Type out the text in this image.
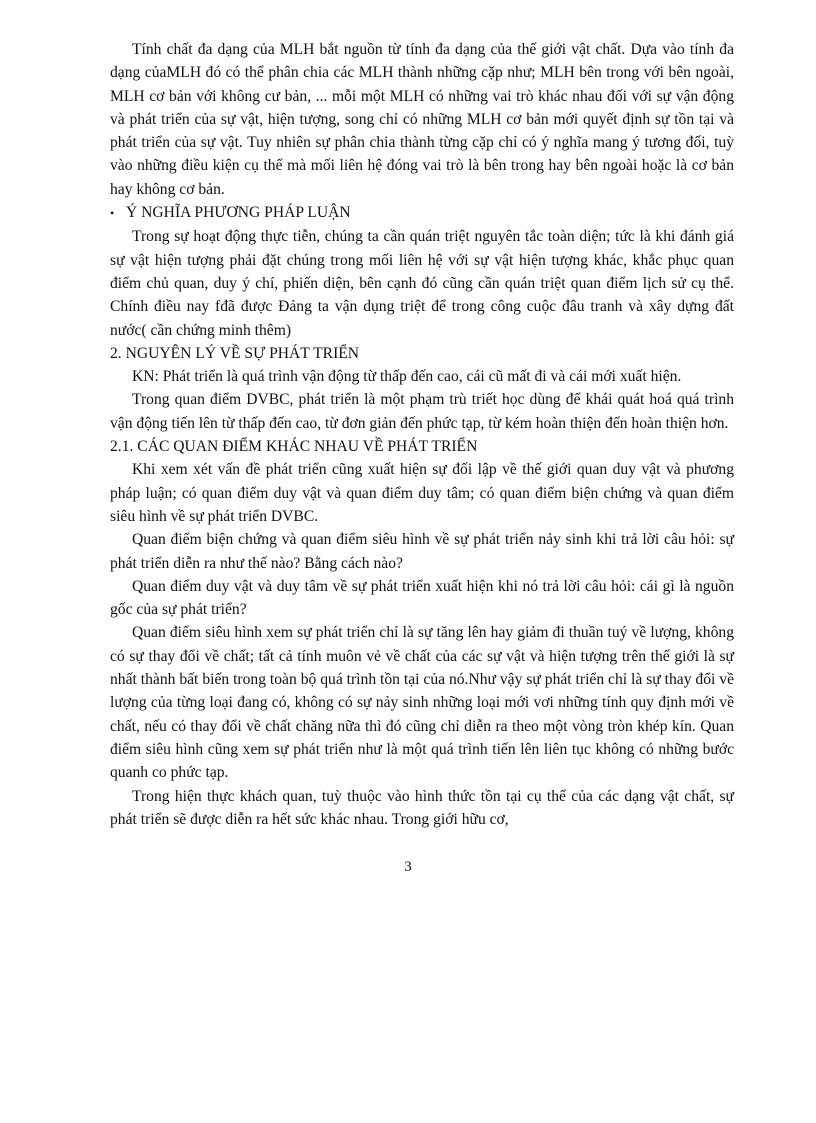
Tính chất đa dạng của MLH bắt nguồn từ tính đa dạng của thế giới vật chất. Dựa vào tính đa dạng củaMLH đó có thể phân chia các MLH thành những cặp như; MLH bên trong với bên ngoài, MLH cơ bản với không cư bản, ... mỗi một MLH có những vai trò khác nhau đối với sự vận động và phát triển của sự vật, hiện tượng, song chỉ có những MLH cơ bản mới quyết định sự tồn tại và phát triển của sự vật. Tuy nhiên sự phân chia thành từng cặp chỉ có ý nghĩa mang ý tương đối, tuỳ vào những điều kiện cụ thể mà mối liên hệ đóng vai trò là bên trong hay bên ngoài hoặc là cơ bản hay không cơ bản.

• Ý NGHĨA PHƯƠNG PHÁP LUẬN

Trong sự hoạt động thực tiễn, chúng ta cần quán triệt nguyên tắc toàn diện; tức là khi đánh giá sự vật hiện tượng phải đặt chúng trong mối liên hệ với sự vật hiện tượng khác, khắc phục quan điểm chủ quan, duy ý chí, phiến diện, bên cạnh đó cũng cần quán triệt quan điểm lịch sử cụ thể. Chính điều nay fđã được Đảng ta vận dụng triệt để trong công cuộc đâu tranh và xây dựng đất nước( cần chứng minh thêm)

2. NGUYÊN LÝ VỀ SỰ PHÁT TRIỂN

KN: Phát triển là quá trình vận động từ thấp đến cao, cái cũ mất đi và cái mới xuất hiện.

Trong quan điểm DVBC, phát triển là một phạm trù triết học dùng để khái quát hoá quá trình vận động tiến lên từ thấp đến cao, từ đơn giản đến phức tạp, từ kém hoàn thiện đến hoàn thiện hơn.

2.1. CÁC QUAN ĐIỂM KHÁC NHAU VỀ PHÁT TRIỂN

Khi xem xét vấn đề phát triển cũng xuất hiện sự đối lập về thế giới quan duy vật và phương pháp luận; có quan điểm duy vật và quan điểm duy tâm; có quan điểm biện chứng và quan điểm siêu hình về sự phát triển DVBC.

Quan điểm biện chứng và quan điểm siêu hình về sự phát triển nảy sinh khi trả lời câu hỏi: sự phát triển diễn ra như thế nào? Bằng cách nào?

Quan điểm duy vật và duy tâm về sự phát triển xuất hiện khi nó trả lời câu hỏi: cái gì là nguồn gốc của sự phát triển?

Quan điểm siêu hình xem sự phát triển chỉ là sự tăng lên hay giảm đi thuần tuý về lượng, không có sự thay đổi về chất; tất cả tính muôn vẻ về chất của các sự vật và hiện tượng trên thế giới là sự nhất thành bất biến trong toàn bộ quá trình tồn tại của nó.Như vậy sự phát triển chỉ là sự thay đổi về lượng của từng loại đang có, không có sự nảy sinh những loại mới vơi những tính quy định mới về chất, nếu có thay đổi về chất chăng nữa thì đó cũng chỉ diễn ra theo một vòng tròn khép kín. Quan điểm siêu hình cũng xem sự phát triển như là một quá trình tiến lên liên tục không có những bước quanh co phức tạp.

Trong hiện thực khách quan, tuỳ thuộc vào hình thức tồn tại cụ thể của các dạng vật chất, sự phát triển sẽ được diễn ra hết sức khác nhau. Trong giới hữu cơ,

3
